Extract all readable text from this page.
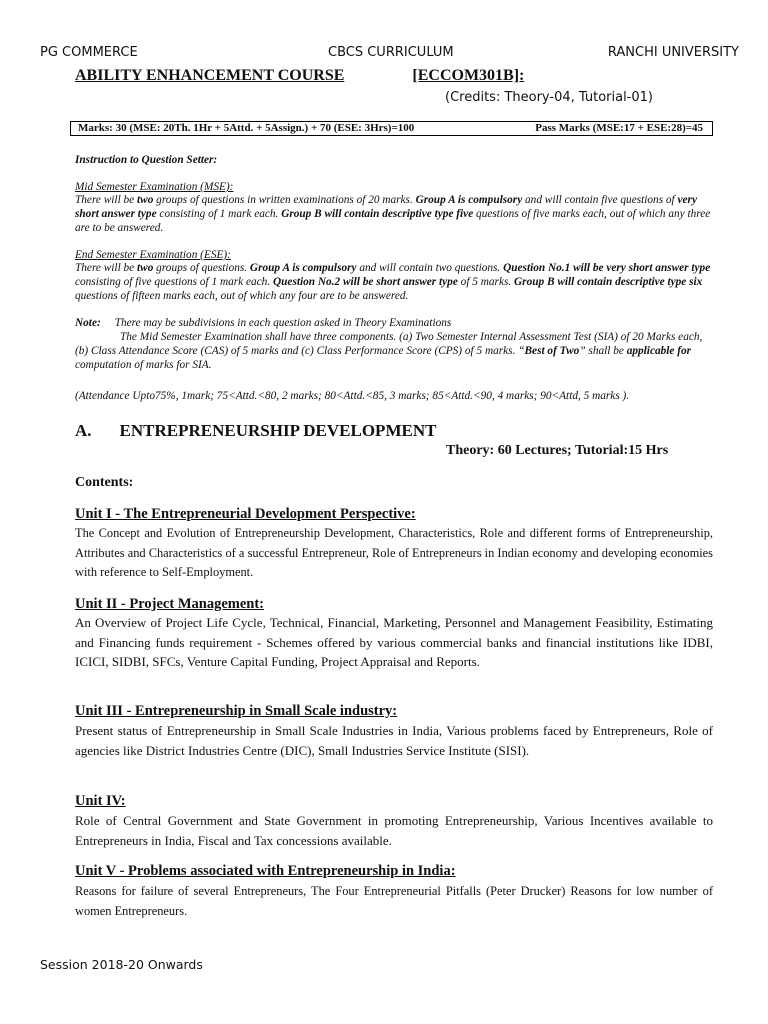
PG COMMERCE	CBCS CURRICULUM	RANCHI UNIVERSITY
ABILITY ENHANCEMENT COURSE	[ECCOM301B]:
(Credits: Theory-04, Tutorial-01)
Marks: 30 (MSE: 20Th. 1Hr + 5Attd. + 5Assign.) + 70 (ESE: 3Hrs)=100	Pass Marks (MSE:17 + ESE:28)=45
Instruction to Question Setter:
Mid Semester Examination (MSE):
There will be two groups of questions in written examinations of 20 marks. Group A is compulsory and will contain five questions of very short answer type consisting of 1 mark each. Group B will contain descriptive type five questions of five marks each, out of which any three are to be answered.
End Semester Examination (ESE):
There will be two groups of questions. Group A is compulsory and will contain two questions. Question No.1 will be very short answer type consisting of five questions of 1 mark each. Question No.2 will be short answer type of 5 marks. Group B will contain descriptive type six questions of fifteen marks each, out of which any four are to be answered.
Note: There may be subdivisions in each question asked in Theory Examinations
The Mid Semester Examination shall have three components. (a) Two Semester Internal Assessment Test (SIA) of 20 Marks each, (b) Class Attendance Score (CAS) of 5 marks and (c) Class Performance Score (CPS) of 5 marks. “Best of Two” shall be applicable for computation of marks for SIA.
(Attendance Upto75%, 1mark; 75<Attd.<80, 2 marks; 80<Attd.<85, 3 marks; 85<Attd.<90, 4 marks; 90<Attd, 5 marks ).
A. ENTREPRENEURSHIP DEVELOPMENT
Theory: 60 Lectures; Tutorial:15 Hrs
Contents:
Unit I - The Entrepreneurial Development Perspective:
The Concept and Evolution of Entrepreneurship Development, Characteristics, Role and different forms of Entrepreneurship, Attributes and Characteristics of a successful Entrepreneur, Role of Entrepreneurs in Indian economy and developing economies with reference to Self-Employment.
Unit II - Project Management:
An Overview of Project Life Cycle, Technical, Financial, Marketing, Personnel and Management Feasibility, Estimating and Financing funds requirement - Schemes offered by various commercial banks and financial institutions like IDBI, ICICI, SIDBI, SFCs, Venture Capital Funding, Project Appraisal and Reports.
Unit III - Entrepreneurship in Small Scale industry:
Present status of Entrepreneurship in Small Scale Industries in India, Various problems faced by Entrepreneurs, Role of agencies like District Industries Centre (DIC), Small Industries Service Institute (SISI).
Unit IV:
Role of Central Government and State Government in promoting Entrepreneurship, Various Incentives available to Entrepreneurs in India, Fiscal and Tax concessions available.
Unit V - Problems associated with Entrepreneurship in India:
Reasons for failure of several Entrepreneurs, The Four Entrepreneurial Pitfalls (Peter Drucker) Reasons for low number of women Entrepreneurs.
Session 2018-20 Onwards
